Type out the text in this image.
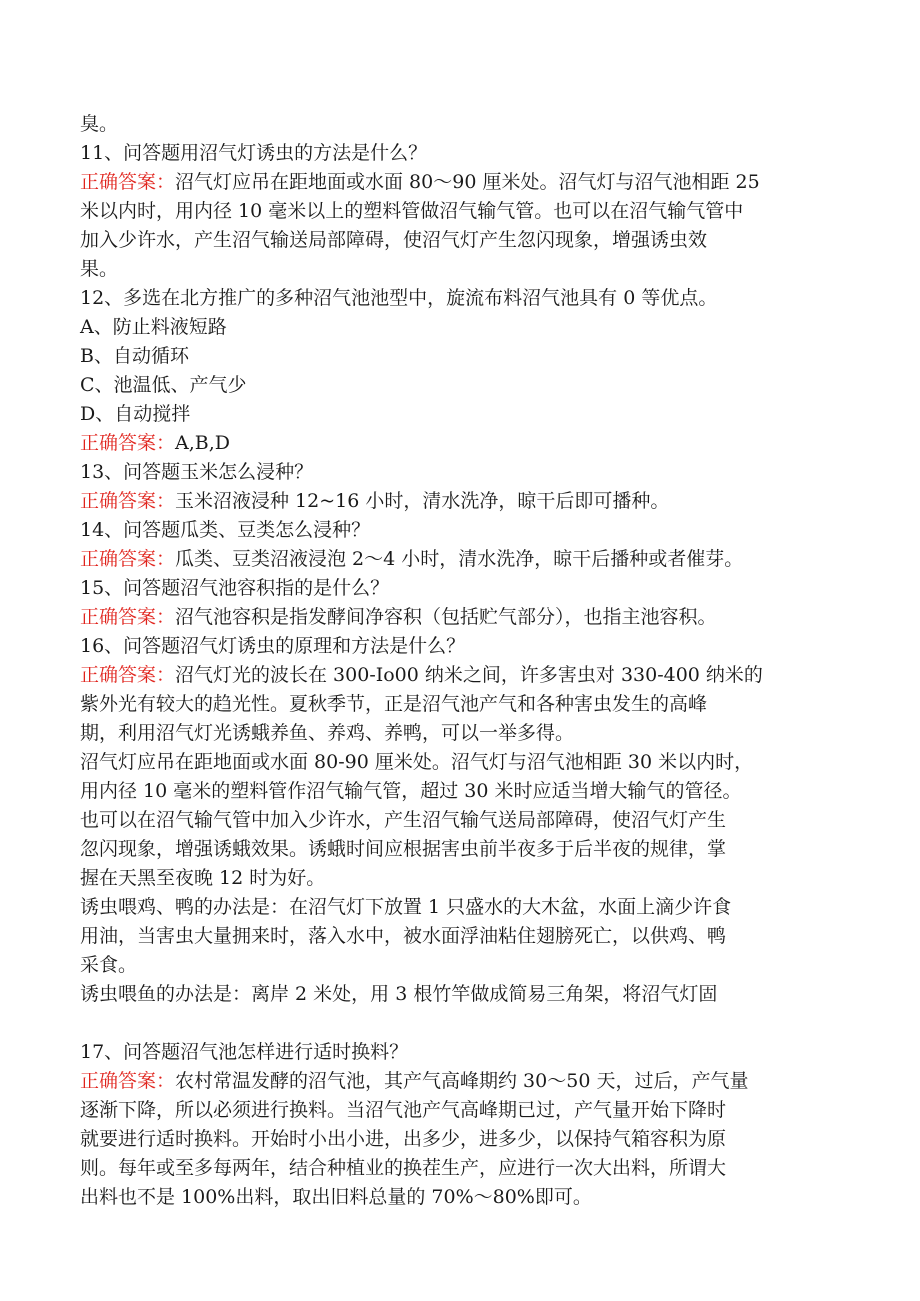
臭。
11、问答题用沼气灯诱虫的方法是什么？
正确答案：沼气灯应吊在距地面或水面 80～90 厘米处。沼气灯与沼气池相距 25
米以内时，用内径 10 毫米以上的塑料管做沼气输气管。也可以在沼气输气管中
加入少许水，产生沼气输送局部障碍，使沼气灯产生忽闪现象，增强诱虫效
果。
12、多选在北方推广的多种沼气池池型中，旋流布料沼气池具有 0 等优点。
A、防止料液短路
B、自动循环
C、池温低、产气少
D、自动搅拌
正确答案：A,B,D
13、问答题玉米怎么浸种？
正确答案：玉米沼液浸种 12~16 小时，清水洗净，晾干后即可播种。
14、问答题瓜类、豆类怎么浸种？
正确答案：瓜类、豆类沼液浸泡 2～4 小时，清水洗净，晾干后播种或者催芽。
15、问答题沼气池容积指的是什么？
正确答案：沼气池容积是指发酵间净容积（包括贮气部分），也指主池容积。
16、问答题沼气灯诱虫的原理和方法是什么？
正确答案：沼气灯光的波长在 300-Io00 纳米之间，许多害虫对 330-400 纳米的
紫外光有较大的趋光性。夏秋季节，正是沼气池产气和各种害虫发生的高峰
期，利用沼气灯光诱蛾养鱼、养鸡、养鸭，可以一举多得。
沼气灯应吊在距地面或水面 80-90 厘米处。沼气灯与沼气池相距 30 米以内时，
用内径 10 毫米的塑料管作沼气输气管，超过 30 米时应适当增大输气的管径。
也可以在沼气输气管中加入少许水，产生沼气输气送局部障碍，使沼气灯产生
忽闪现象，增强诱蛾效果。诱蛾时间应根据害虫前半夜多于后半夜的规律，掌
握在天黑至夜晚 12 时为好。
诱虫喂鸡、鸭的办法是：在沼气灯下放置 1 只盛水的大木盆，水面上滴少许食
用油，当害虫大量拥来时，落入水中，被水面浮油粘住翅膀死亡，以供鸡、鸭
采食。
诱虫喂鱼的办法是：离岸 2 米处，用 3 根竹竿做成简易三角架，将沼气灯固
17、问答题沼气池怎样进行适时换料？
正确答案：农村常温发酵的沼气池，其产气高峰期约 30～50 天，过后，产气量
逐渐下降，所以必须进行换料。当沼气池产气高峰期已过，产气量开始下降时
就要进行适时换料。开始时小出小进，出多少，进多少，以保持气箱容积为原
则。每年或至多每两年，结合种植业的换茬生产，应进行一次大出料，所谓大
出料也不是 100%出料，取出旧料总量的 70%～80%即可。
